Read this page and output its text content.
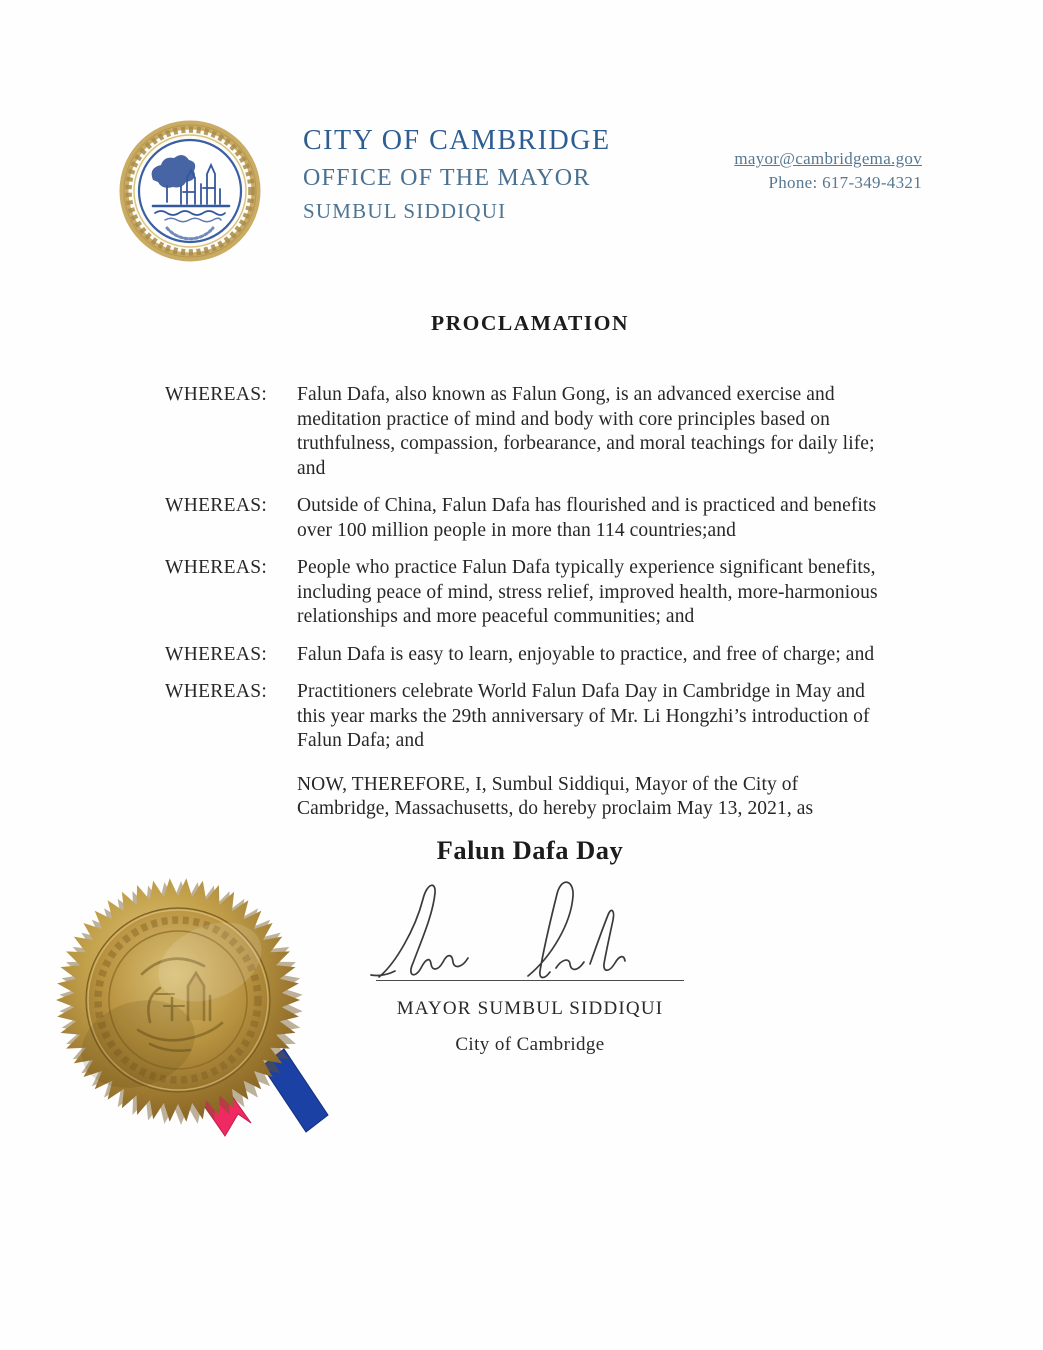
CITY OF CAMBRIDGE
OFFICE OF THE MAYOR
SUMBUL SIDDIQUI
mayor@cambridgema.gov
Phone: 617-349-4321
PROCLAMATION
WHEREAS:	Falun Dafa, also known as Falun Gong, is an advanced exercise and meditation practice of mind and body with core principles based on truthfulness, compassion, forbearance, and moral teachings for daily life; and
WHEREAS:	Outside of China, Falun Dafa has flourished and is practiced and benefits over 100 million people in more than 114 countries;and
WHEREAS:	People who practice Falun Dafa typically experience significant benefits, including peace of mind, stress relief, improved health, more-harmonious relationships and more peaceful communities; and
WHEREAS:	Falun Dafa is easy to learn, enjoyable to practice, and free of charge; and
WHEREAS:	Practitioners celebrate World Falun Dafa Day in Cambridge in May and this year marks the 29th anniversary of Mr. Li Hongzhi’s introduction of Falun Dafa; and
NOW, THEREFORE, I, Sumbul Siddiqui, Mayor of the City of Cambridge, Massachusetts, do hereby proclaim May 13, 2021, as
Falun Dafa Day
MAYOR SUMBUL SIDDIQUI
City of Cambridge
